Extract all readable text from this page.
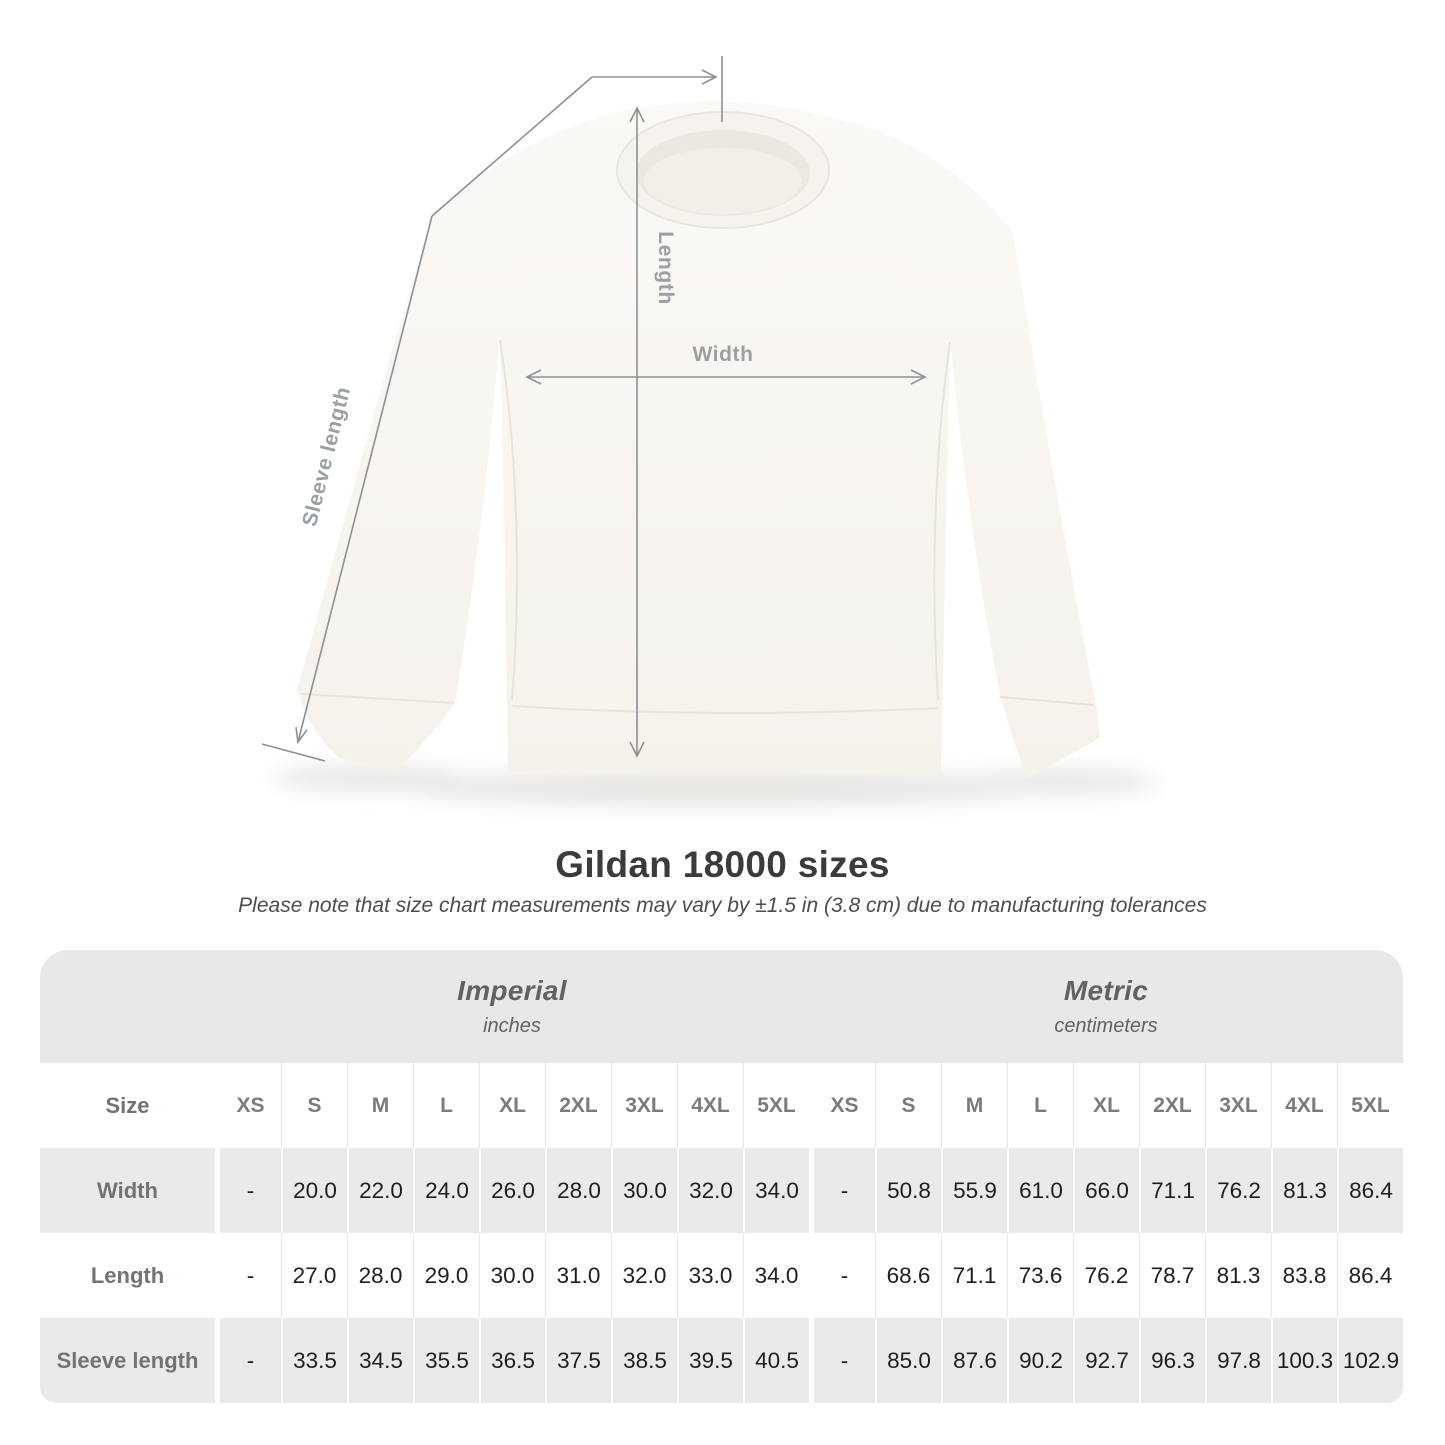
Width
Length
Sleeve length
Gildan 18000 sizes
Please note that size chart measurements may vary by ±1.5 in (3.8 cm) due to manufacturing tolerances
Imperial
inches
Metric
centimeters
Size	XS	S	M	L	XL	2XL	3XL	4XL	5XL	XS	S	M	L	XL	2XL	3XL	4XL	5XL
Width	-	20.0 22.0 24.0 26.0 28.0 30.0 32.0 34.0	-	50.8 55.9 61.0 66.0 71.1 76.2 81.3 86.4
Length	-	27.0 28.0 29.0 30.0 31.0 32.0 33.0 34.0	-	68.6 71.1 73.6 76.2 78.7 81.3 83.8 86.4
Sleeve length	-	33.5 34.5 35.5 36.5 37.5 38.5 39.5 40.5	-	85.0 87.6 90.2 92.7 96.3 97.8 100.3 102.9
